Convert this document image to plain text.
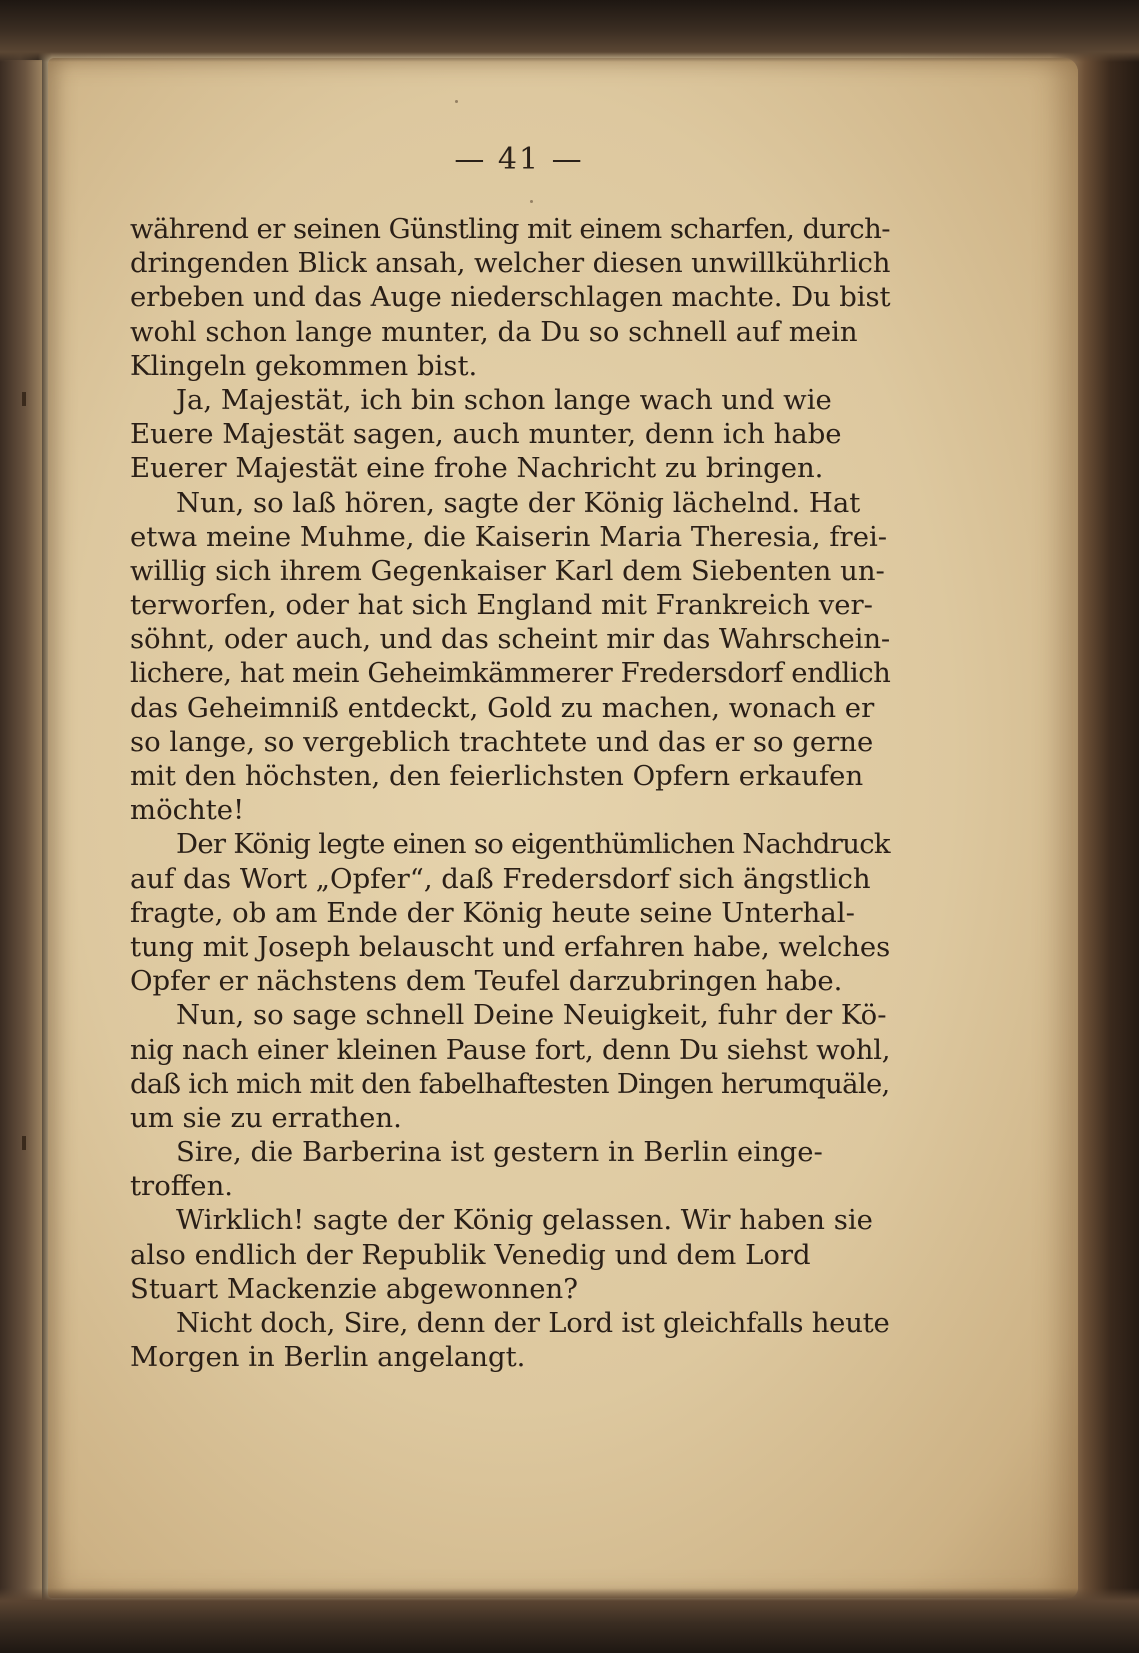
— 41 —
während er seinen Günstling mit einem scharfen, durch-
dringenden Blick ansah, welcher diesen unwillkührlich
erbeben und das Auge niederschlagen machte. Du bist
wohl schon lange munter, da Du so schnell auf mein
Klingeln gekommen bist.
Ja, Majestät, ich bin schon lange wach und wie
Euere Majestät sagen, auch munter, denn ich habe
Euerer Majestät eine frohe Nachricht zu bringen.
Nun, so laß hören, sagte der König lächelnd. Hat
etwa meine Muhme, die Kaiserin Maria Theresia, frei-
willig sich ihrem Gegenkaiser Karl dem Siebenten un-
terworfen, oder hat sich England mit Frankreich ver-
söhnt, oder auch, und das scheint mir das Wahrschein-
lichere, hat mein Geheimkämmerer Fredersdorf endlich
das Geheimniß entdeckt, Gold zu machen, wonach er
so lange, so vergeblich trachtete und das er so gerne
mit den höchsten, den feierlichsten Opfern erkaufen
möchte!
Der König legte einen so eigenthümlichen Nachdruck
auf das Wort „Opfer“, daß Fredersdorf sich ängstlich
fragte, ob am Ende der König heute seine Unterhal-
tung mit Joseph belauscht und erfahren habe, welches
Opfer er nächstens dem Teufel darzubringen habe.
Nun, so sage schnell Deine Neuigkeit, fuhr der Kö-
nig nach einer kleinen Pause fort, denn Du siehst wohl,
daß ich mich mit den fabelhaftesten Dingen herumquäle,
um sie zu errathen.
Sire, die Barberina ist gestern in Berlin einge-
troffen.
Wirklich! sagte der König gelassen. Wir haben sie
also endlich der Republik Venedig und dem Lord
Stuart Mackenzie abgewonnen?
Nicht doch, Sire, denn der Lord ist gleichfalls heute
Morgen in Berlin angelangt.
